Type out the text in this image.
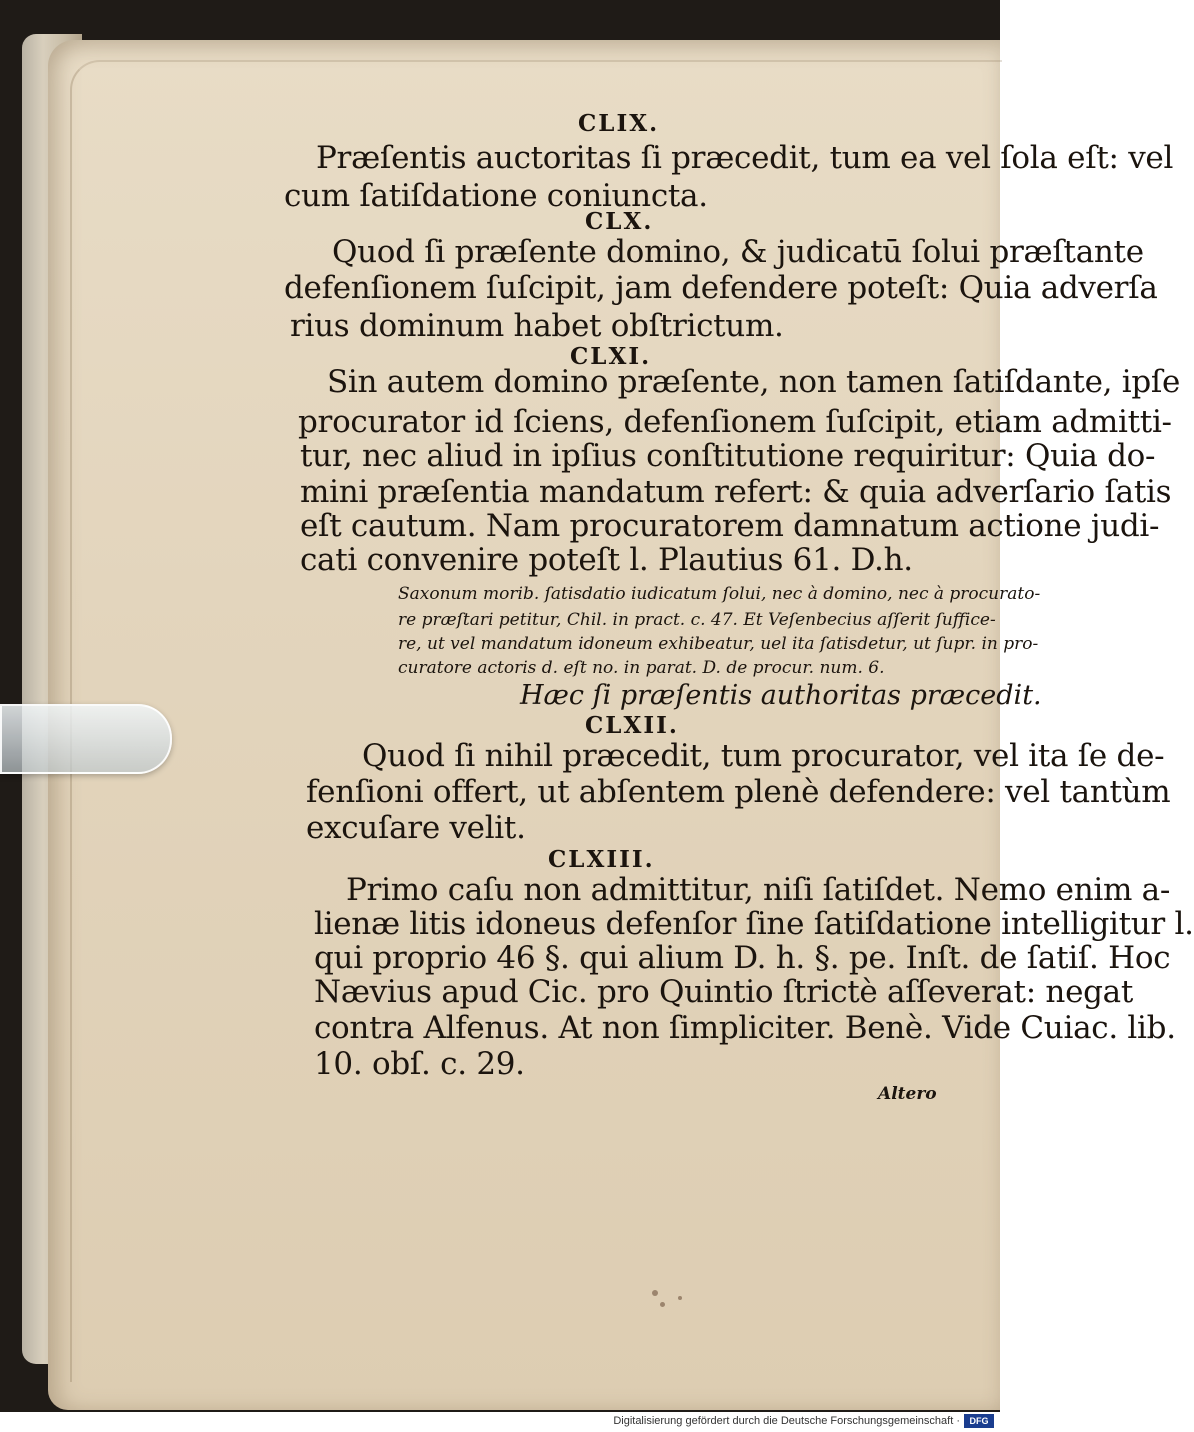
CLIX.
Præſentis auctoritas ſi præcedit, tum ea vel ſola eſt: vel
cum ſatiſdatione coniuncta.
CLX.
Quod ſi præſente domino, & judicatū ſolui præſtante
defenſionem ſuſcipit, jam defendere poteſt: Quia adverſa
rius dominum habet obſtrictum.
CLXI.
Sin autem domino præſente, non tamen ſatiſdante, ipſe
procurator id ſciens, defenſionem ſuſcipit, etiam admitti-
tur, nec aliud in ipſius conſtitutione requiritur: Quia do-
mini præſentia mandatum refert: & quia adverſario ſatis
eſt cautum. Nam procuratorem damnatum actione judi-
cati convenire poteſt l. Plautius 61. D.h.
Saxonum morib. ſatisdatio iudicatum ſolui, nec à domino, nec à procurato-
re præſtari petitur, Chil. in pract. c. 47. Et Veſenbecius aſſerit ſuffice-
re, ut vel mandatum idoneum exhibeatur, uel ita ſatisdetur, ut ſupr. in pro-
curatore actoris d. eſt no. in parat. D. de procur. num. 6.
Hæc ſi præſentis authoritas præcedit.
CLXII.
Quod ſi nihil præcedit, tum procurator, vel ita ſe de-
fenſioni offert, ut abſentem plenè defendere: vel tantùm
excuſare velit.
CLXIII.
Primo caſu non admittitur, niſi ſatiſdet. Nemo enim a-
lienæ litis idoneus defenſor ſine ſatiſdatione intelligitur l.
qui proprio 46 §. qui alium D. h. §. pe. Inſt. de ſatiſ. Hoc
Nævius apud Cic. pro Quintio ſtrictè aſſeverat: negat
contra Alfenus. At non ſimpliciter. Benè. Vide Cuiac. lib.
10. obſ. c. 29.
Altero
Digitalisierung gefördert durch die Deutsche Forschungsgemeinschaft ·	DFG
